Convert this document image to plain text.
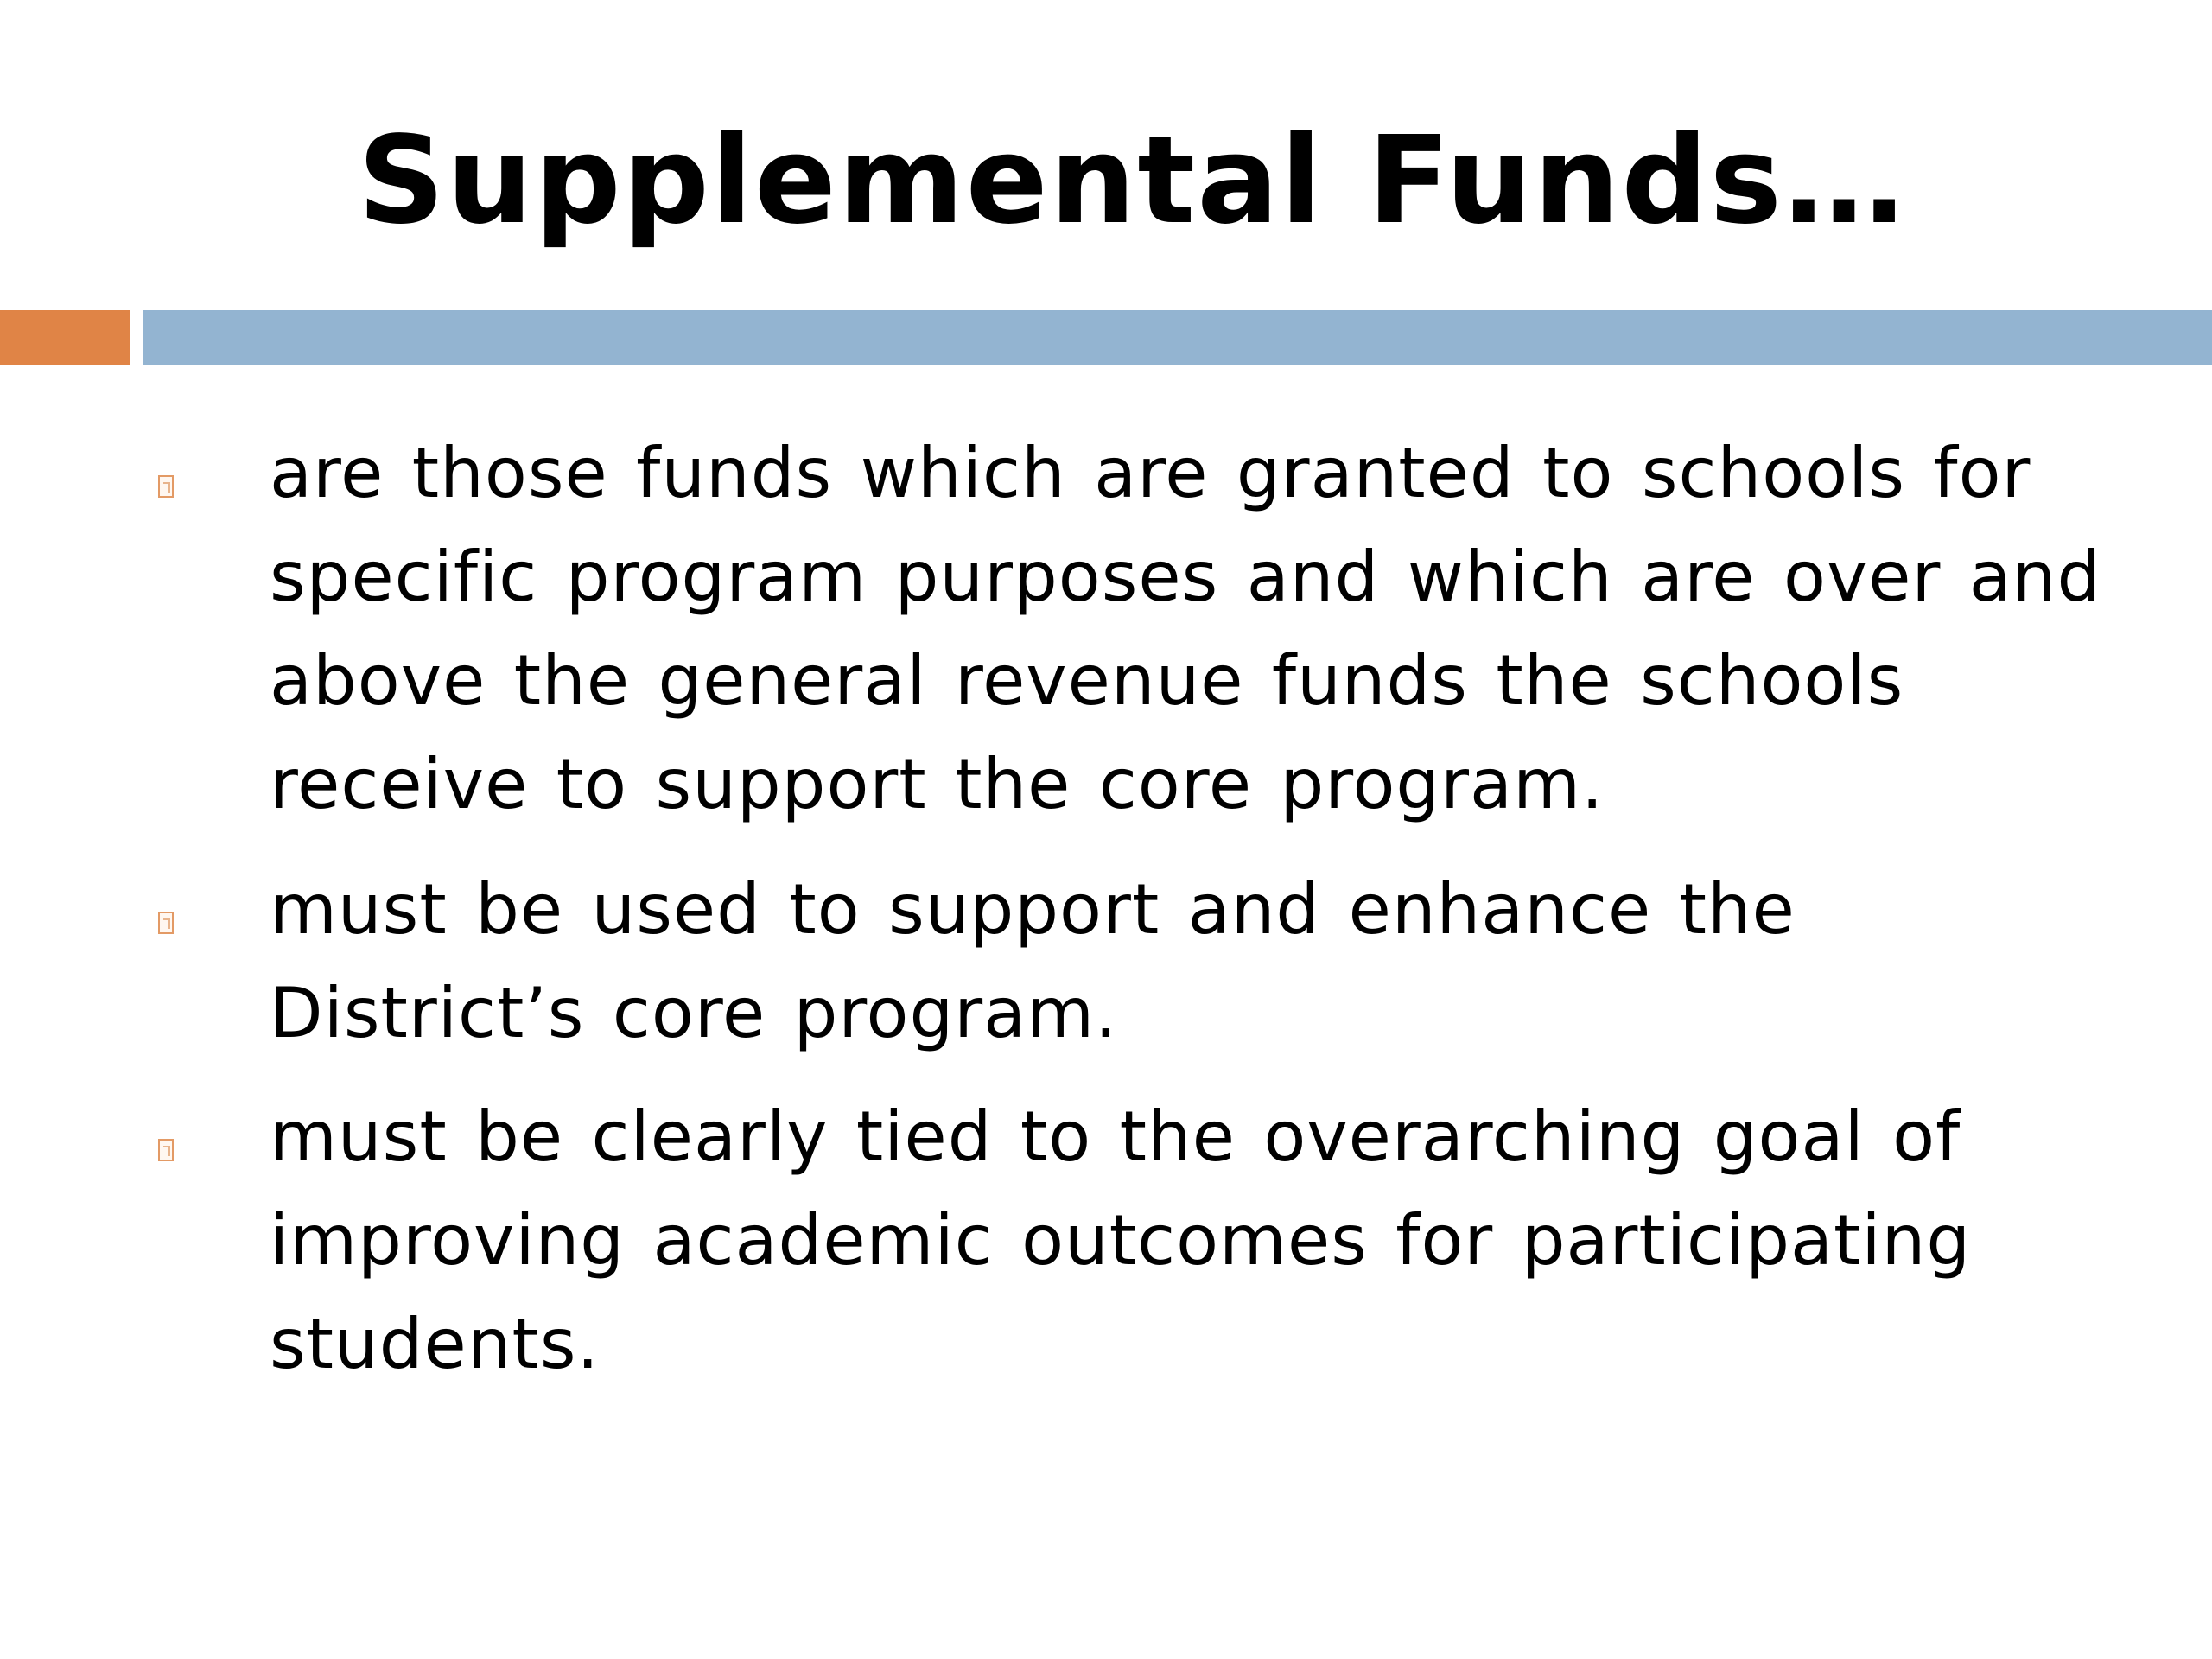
Supplemental Funds…
are those funds which are granted to schools for specific program purposes and which are over and above the general revenue funds the schools receive to support the core program.
must be used to support and enhance the District’s core program.
must be clearly tied to the overarching goal of improving academic outcomes for participating students.
